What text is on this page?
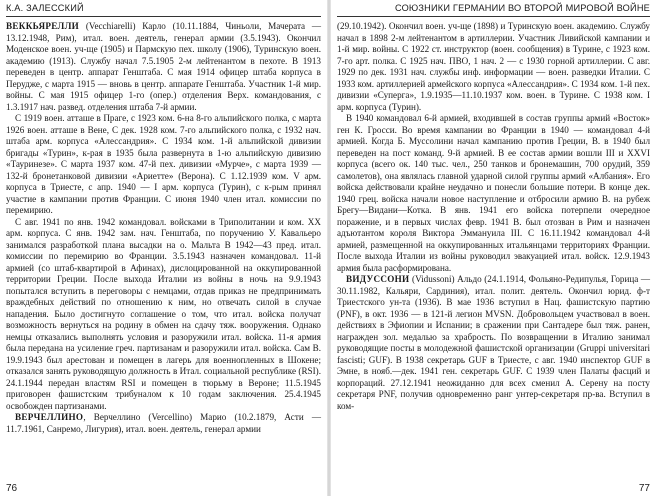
К.А. ЗАЛЕССКИЙ

ВЕККЬЯРЕЛЛИ (Vecchiarelli) Карло (10.11.1884, Чиньоли, Мачерата — 13.12.1948, Рим), итал. воен. деятель, генерал армии (3.5.1943). Окончил Моденское воен. уч-ще (1905) и Пармскую пех. школу (1906), Туринскую воен. академию (1913). Службу начал 7.5.1905 2-м лейтенантом в пехоте. В 1913 переведен в центр. аппарат Генштаба. С мая 1914 офицер штаба корпуса в Перудже, с марта 1915 — вновь в центр. аппарате Генштаба. Участник 1-й мир. войны. С мая 1915 офицер 1-го (опер.) отделения Верх. командования, с 1.3.1917 нач. развед. отделения штаба 7-й армии.

С 1919 воен. атташе в Праге, с 1923 ком. 6-на 8-го альпийского полка, с марта 1926 воен. атташе в Вене, С дек. 1928 ком. 7-го альпийского полка, с 1932 нач. штаба арм. корпуса «Алессандрия». С 1934 ком. 1-й альпийской дивизии бригады «Турин», к-рая в 1935 была развернута в 1-ю альпийскую дивизию «Тауринезе». С марта 1937 ком. 47-й пех. дивизии «Мурче», с марта 1939 — 132-й бронетанковой дивизии «Ариетте» (Верона). С 1.12.1939 ком. V арм. корпуса в Триесте, с апр. 1940 — I арм. корпуса (Турин), с к-рым принял участие в кампании против Франции. С июня 1940 член итал. комиссии по перемирию.

С авг. 1941 по янв. 1942 командовал. войсками в Триполитании и ком. XX арм. корпуса. С янв. 1942 зам. нач. Генштаба, по поручению У. Кавальеро занимался разработкой плана высадки на о. Мальта В 1942—43 пред. итал. комиссии по перемирию во Франции. 3.5.1943 назначен командовал. 11-й армией (со штаб-квартирой в Афинах), дислоцированной на оккупированной территории Греции. После выхода Италии из войны в ночь на 9.9.1943 попытался вступить в переговоры с немцами, отдав приказ не предпринимать враждебных действий по отношению к ним, но отвечать силой в случае нападения. Было достигнуто соглашение о том, что итал. войска получат возможность вернуться на родину в обмен на сдачу тяж. вооружения. Однако немцы отказались выполнять условия и разоружили итал. войска. 11-я армия была передана на усиление греч. партизанам и разоружили итал. войска. Сам В. 19.9.1943 был арестован и помещен в лагерь для военнопленных в Шокене; отказался занять руководящую должность в Итал. социальной республике (RSI). 24.1.1944 передан властям RSI и помещен в тюрьму в Вероне; 11.5.1945 приговорен фашистским трибуналом к 10 годам заключения. 25.4.1945 освобожден партизанами.

ВЕРЧЕЛЛИНО, Верчеллино (Vercellino) Марио (10.2.1879, Асти — 11.7.1961, Санремо, Лигурия), итал. воен. деятель, генерал армии

76
СОЮЗНИКИ ГЕРМАНИИ ВО ВТОРОЙ МИРОВОЙ ВОЙНЕ

(29.10.1942). Окончил воен. уч-ще (1898) и Туринскую воен. академию. Службу начал в 1898 2-м лейтенантом в артиллерии. Участник Ливийской кампании и 1-й мир. войны. С 1922 ст. инструктор (воен. сообщения) в Турине, с 1923 ком. 7-го арт. полка. С 1925 нач. ПВО, 1 нач. 2 — с 1930 горной артиллерии. С авг. 1929 по дек. 1931 нач. службы инф. информации — воен. разведки Италии. С 1933 ком. артиллерией армейского корпуса «Алессандрия». С 1934 ком. 1-й пех. дивизии «Суперга», 1.9.1935—11.10.1937 ком. воен. в Турине. С 1938 ком. I арм. корпуса (Турин).

В 1940 командовал 6-й армией, входившей в состав группы армий «Восток» ген К. Гросси. Во время кампании во Франции в 1940 — командовал 4-й армией. Когда Б. Муссолини начал кампанию против Греции, В. в 1940 был переведен на пост команд. 9-й армией. В ее состав армии вошли III и XXVI корпуса (всего ок. 140 тыс. чел., 250 танков и бронемашин, 700 орудий, 359 самолетов), она являлась главной ударной силой группы армий «Албания». Его войска действовали крайне неудачно и понесли большие потери. В конце дек. 1940 грец. войска начали новое наступление и отбросили армию В. на рубеж Брегу—Видани—Котка. В янв. 1941 его войска потерпели очередное поражение, и в первых числах февр. 1941 В. был отозван в Рим и назначен адъютантом короля Виктора Эммануила III. С 16.11.1942 командовал 4-й армией, размещенной на оккупированных итальянцами территориях Франции. После выхода Италии из войны руководил эвакуацией итал. войск. 12.9.1943 армия была расформирована.

ВИДУССОНИ (Vidussoni) Альдо (24.1.1914, Фольяно-Редипулья, Горица — 30.11.1982, Кальяри, Сардиния), итал. полит. деятель. Окончил юрид. ф-т Триестского ун-та (1936). В мае 1936 вступил в Нац. фашистскую партию (PNF), в окт. 1936 — в 121-й легион MVSN. Добровольцем участвовал в воен. действиях в Эфиопии и Испании; в сражении при Сантадере был тяж. ранен, награжден зол. медалью за храбрость. По возвращении в Италию занимал руководящие посты в молодежной фашистской организации (Gruppi universitari fascisti; GUF). В 1938 секретарь GUF в Триесте, с авг. 1940 инспектор GUF в Эмне, в нояб.—дек. 1941 ген. секретарь GUF. С 1939 член Палаты фасций и корпораций. 27.12.1941 неожиданно для всех сменил А. Серену на посту секретаря PNF, получив одновременно ранг унтер-секретаря пр-ва. Вступил в ком-

77
